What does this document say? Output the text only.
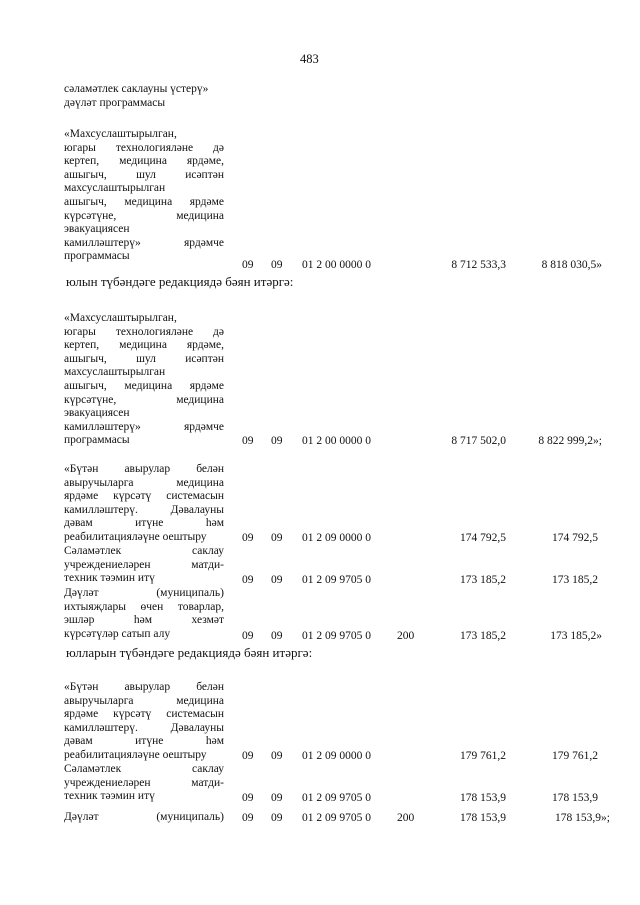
483
сәламәтлек саклауны үстерү»
дәүләт программасы
«Махсуслаштырылган,
югары технологияләне дә
кертеп, медицина ярдәме,
ашыгыч, шул исәптән
махсуслаштырылган
ашыгыч, медицина ярдәме
күрсәтүне, медицина
эвакуациясен
камилләштерү» ярдәмче
программасы
09 09 01 2 00 0000 0	8 712 533,3	8 818 030,5»
юлын түбәндәге редакциядә бәян итәргә:
«Махсуслаштырылган,
югары технологияләне дә
кертеп, медицина ярдәме,
ашыгыч, шул исәптән
махсуслаштырылган
ашыгыч, медицина ярдәме
күрсәтүне, медицина
эвакуациясен
камилләштерү» ярдәмче
программасы	09 09 01 2 00 0000 0	8 717 502,0	8 822 999,2»;
«Бүтән авырулар белән
авыручыларга медицина
ярдәме күрсәтү системасын
камилләштерү. Дәвалауны
дәвам итүне һәм
реабилитацияләүне оештыру	09 09 01 2 09 0000 0	174 792,5	174 792,5
Сәламәтлек саклау
учреждениеләрен матди-
техник тәэмин итү	09 09 01 2 09 9705 0	173 185,2	173 185,2
Дәүләт (муниципаль)
ихтыяҗлары өчен товарлар,
эшләр һәм хезмәт
күрсәтүләр сатып алу	09 09 01 2 09 9705 0 200	173 185,2	173 185,2»
юлларын түбәндәге редакциядә бәян итәргә:
«Бүтән авырулар белән
авыручыларга медицина
ярдәме күрсәтү системасын
камилләштерү. Дәвалауны
дәвам итүне һәм
реабилитацияләүне оештыру	09 09 01 2 09 0000 0	179 761,2	179 761,2
Сәламәтлек саклау
учреждениеләрен матди-
техник тәэмин итү	09 09 01 2 09 9705 0	178 153,9	178 153,9
Дәүләт (муниципаль) 09 09 01 2 09 9705 0 200	178 153,9	178 153,9»;
